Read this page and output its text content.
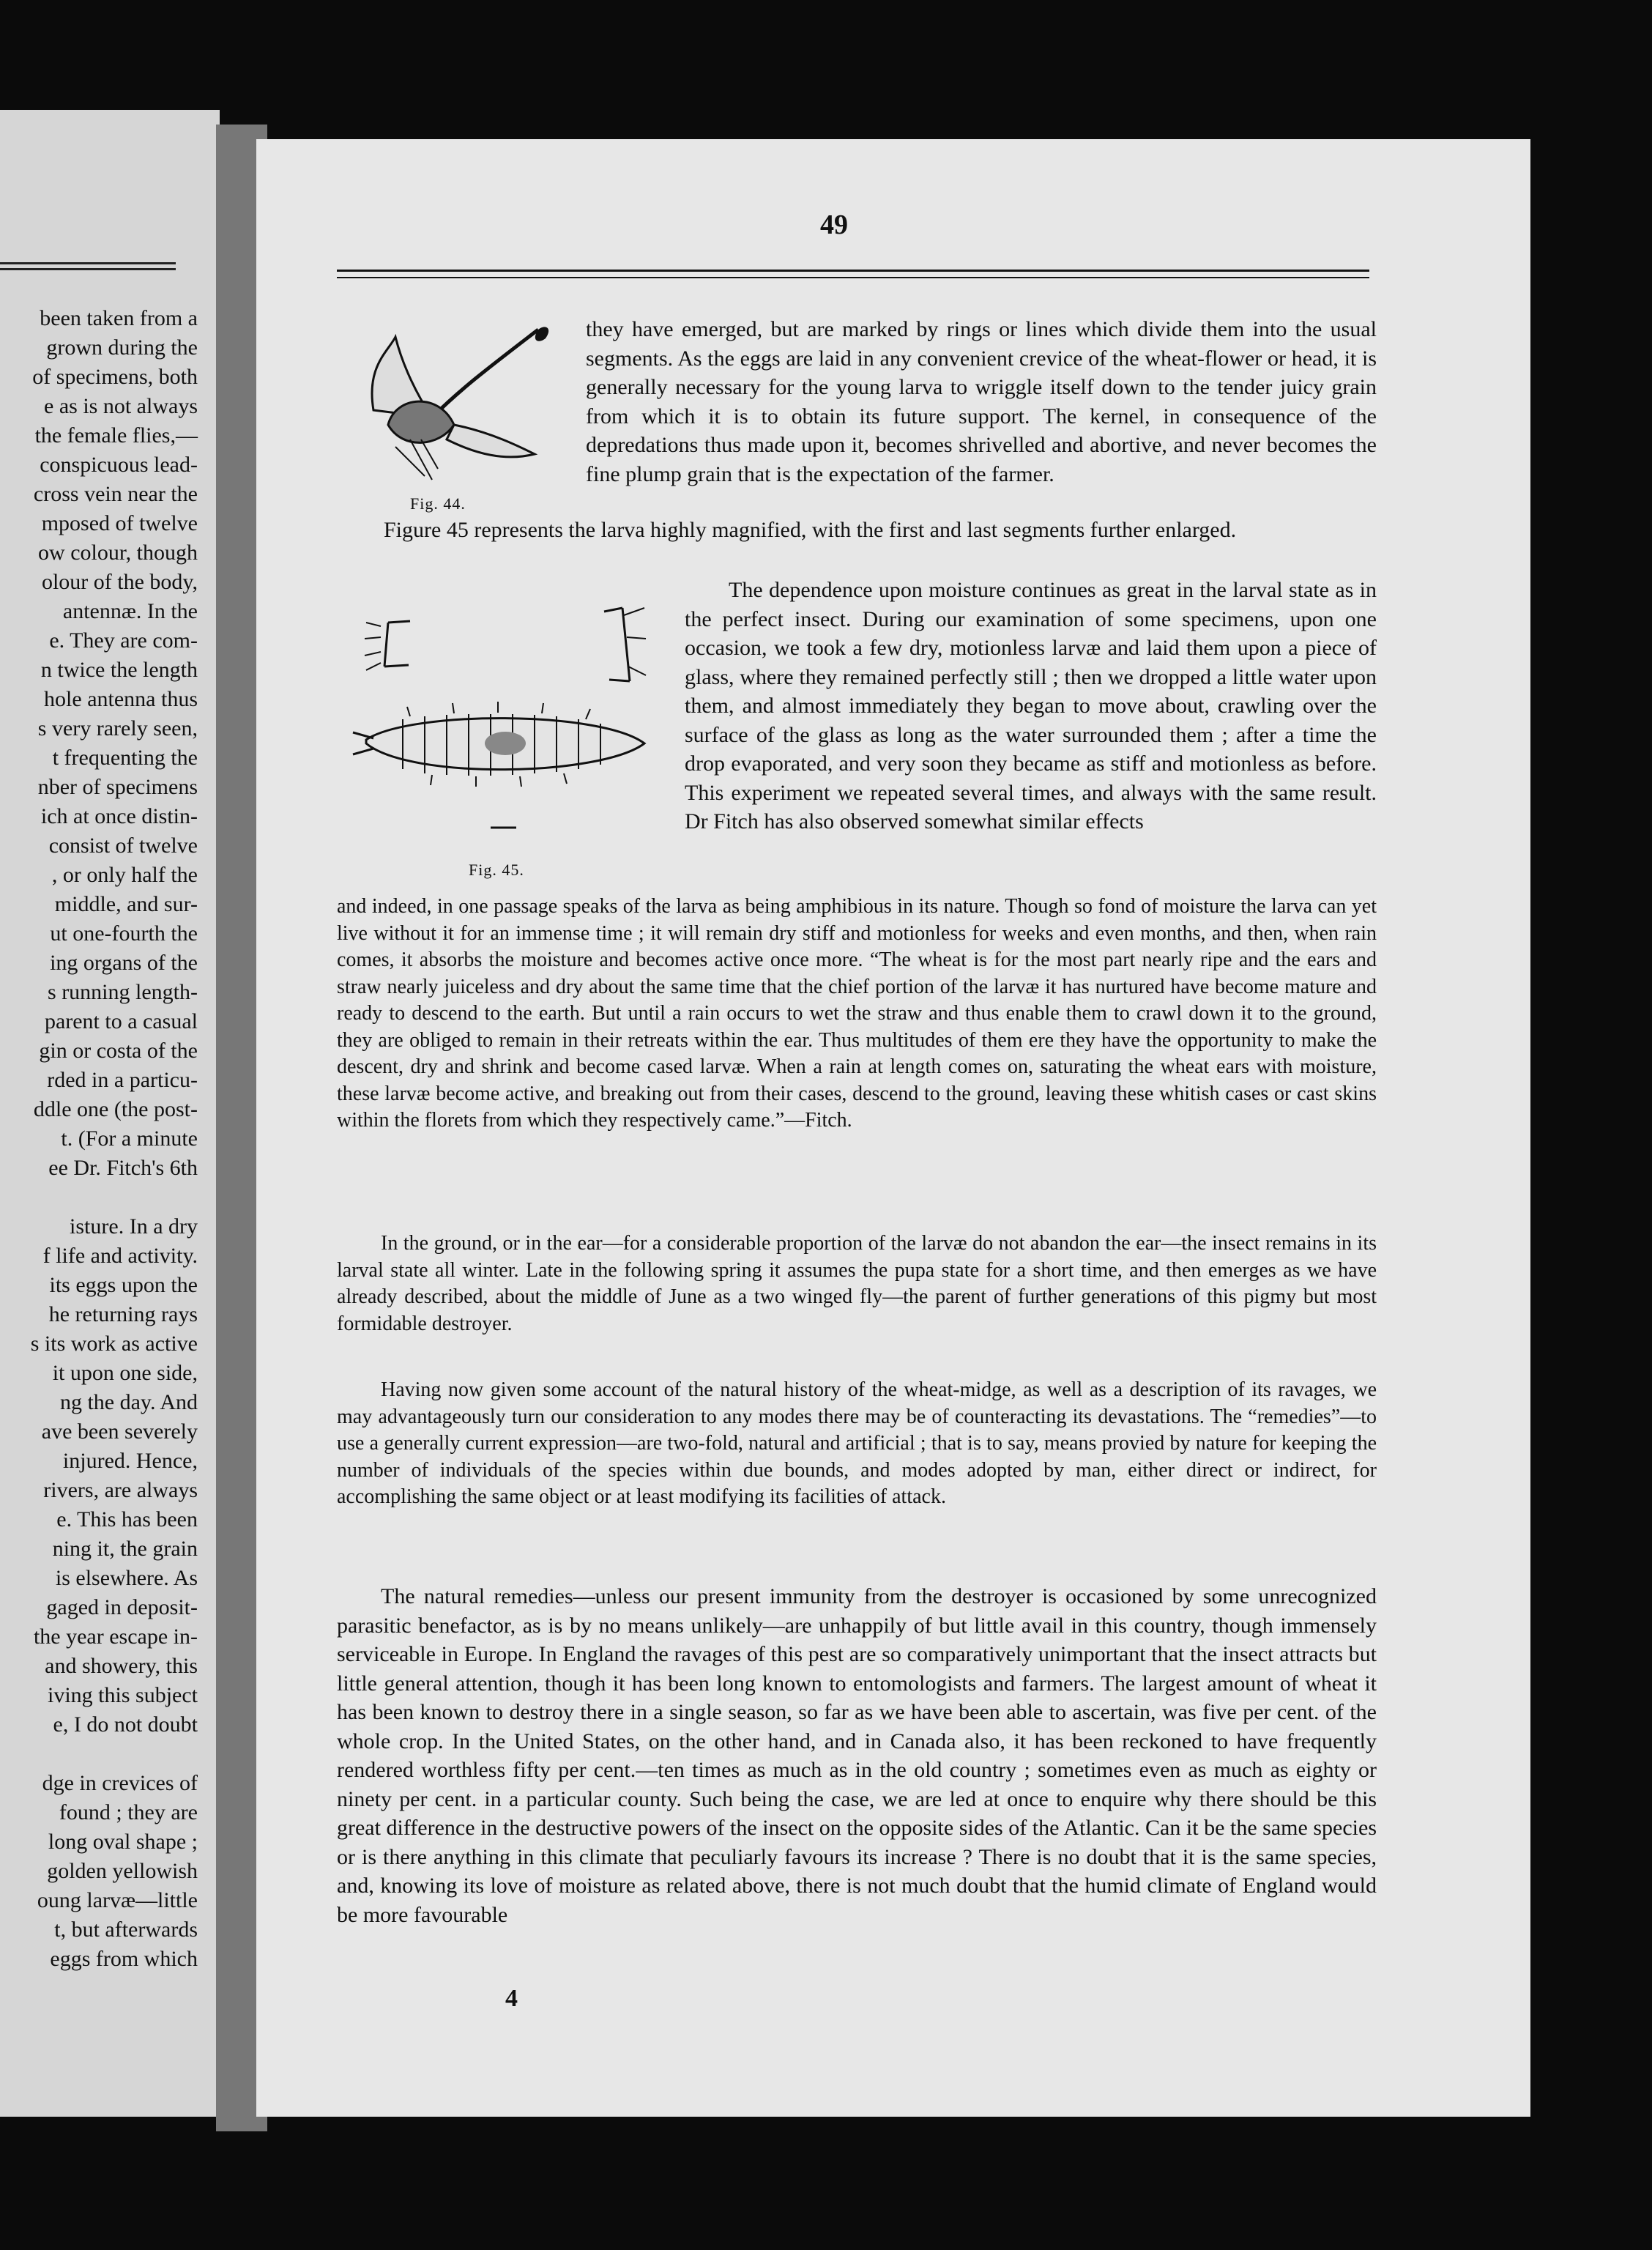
been taken from a
grown during the
of specimens, both
e as is not always
the female flies,—
conspicuous lead-
cross vein near the
mposed of twelve
ow colour, though
olour of the body,
antennæ. In the
e. They are com-
n twice the length
hole antenna thus
s very rarely seen,
t frequenting the
nber of specimens
ich at once distin-
consist of twelve
, or only half the
middle, and sur-
ut one-fourth the
ing organs of the
s running length-
parent to a casual
gin or costa of the
rded in a particu-
ddle one (the post-
t. (For a minute
ee Dr. Fitch's 6th
isture. In a dry
f life and activity.
its eggs upon the
he returning rays
s its work as active
it upon one side,
ng the day. And
ave been severely
injured. Hence,
rivers, are always
e. This has been
ning it, the grain
is elsewhere. As
gaged in deposit-
the year escape in-
and showery, this
iving this subject
e, I do not doubt
dge in crevices of
found ; they are
long oval shape ;
golden yellowish
oung larvæ—little
t, but afterwards
eggs from which
49
Fig. 44.
Fig. 45.

they have emerged, but are marked by rings or lines which divide them into the usual segments. As the eggs are laid in any convenient crevice of the wheat-flower or head, it is generally necessary for the young larva to wriggle itself down to the tender juicy grain from which it is to obtain its future support. The kernel, in consequence of the depredations thus made upon it, becomes shrivelled and abortive, and never becomes the fine plump grain that is the expectation of the farmer.

Figure 45 represents the larva highly magnified, with the first and last segments further enlarged.

The dependence upon moisture continues as great in the larval state as in the perfect insect. During our examination of some specimens, upon one occasion, we took a few dry, motionless larvæ and laid them upon a piece of glass, where they remained perfectly still ; then we dropped a little water upon them, and almost immediately they began to move about, crawling over the surface of the glass as long as the water surrounded them ; after a time the drop evaporated, and very soon they became as stiff and motionless as before. This experiment we repeated several times, and always with the same result. Dr Fitch has also observed somewhat similar effects

and indeed, in one passage speaks of the larva as being amphibious in its nature. Though so fond of moisture the larva can yet live without it for an immense time ; it will remain dry stiff and motionless for weeks and even months, and then, when rain comes, it absorbs the moisture and becomes active once more. “The wheat is for the most part nearly ripe and the ears and straw nearly juiceless and dry about the same time that the chief portion of the larvæ it has nurtured have become mature and ready to descend to the earth. But until a rain occurs to wet the straw and thus enable them to crawl down it to the ground, they are obliged to remain in their retreats within the ear. Thus multitudes of them ere they have the opportunity to make the descent, dry and shrink and become cased larvæ. When a rain at length comes on, saturating the wheat ears with moisture, these larvæ become active, and breaking out from their cases, descend to the ground, leaving these whitish cases or cast skins within the florets from which they respectively came.”—Fitch.

In the ground, or in the ear—for a considerable proportion of the larvæ do not abandon the ear—the insect remains in its larval state all winter. Late in the following spring it assumes the pupa state for a short time, and then emerges as we have already described, about the middle of June as a two winged fly—the parent of further generations of this pigmy but most formidable destroyer.

Having now given some account of the natural history of the wheat-midge, as well as a description of its ravages, we may advantageously turn our consideration to any modes there may be of counteracting its devastations. The “remedies”—to use a generally current expression—are two-fold, natural and artificial ; that is to say, means provied by nature for keeping the number of individuals of the species within due bounds, and modes adopted by man, either direct or indirect, for accomplishing the same object or at least modifying its facilities of attack.

The natural remedies—unless our present immunity from the destroyer is occasioned by some unrecognized parasitic benefactor, as is by no means unlikely—are unhappily of but little avail in this country, though immensely serviceable in Europe. In England the ravages of this pest are so comparatively unimportant that the insect attracts but little general attention, though it has been long known to entomologists and farmers. The largest amount of wheat it has been known to destroy there in a single season, so far as we have been able to ascertain, was five per cent. of the whole crop. In the United States, on the other hand, and in Canada also, it has been reckoned to have frequently rendered worthless fifty per cent.—ten times as much as in the old country ; sometimes even as much as eighty or ninety per cent. in a particular county. Such being the case, we are led at once to enquire why there should be this great difference in the destructive powers of the insect on the opposite sides of the Atlantic. Can it be the same species or is there anything in this climate that peculiarly favours its increase ? There is no doubt that it is the same species, and, knowing its love of moisture as related above, there is not much doubt that the humid climate of England would be more favourable

4
